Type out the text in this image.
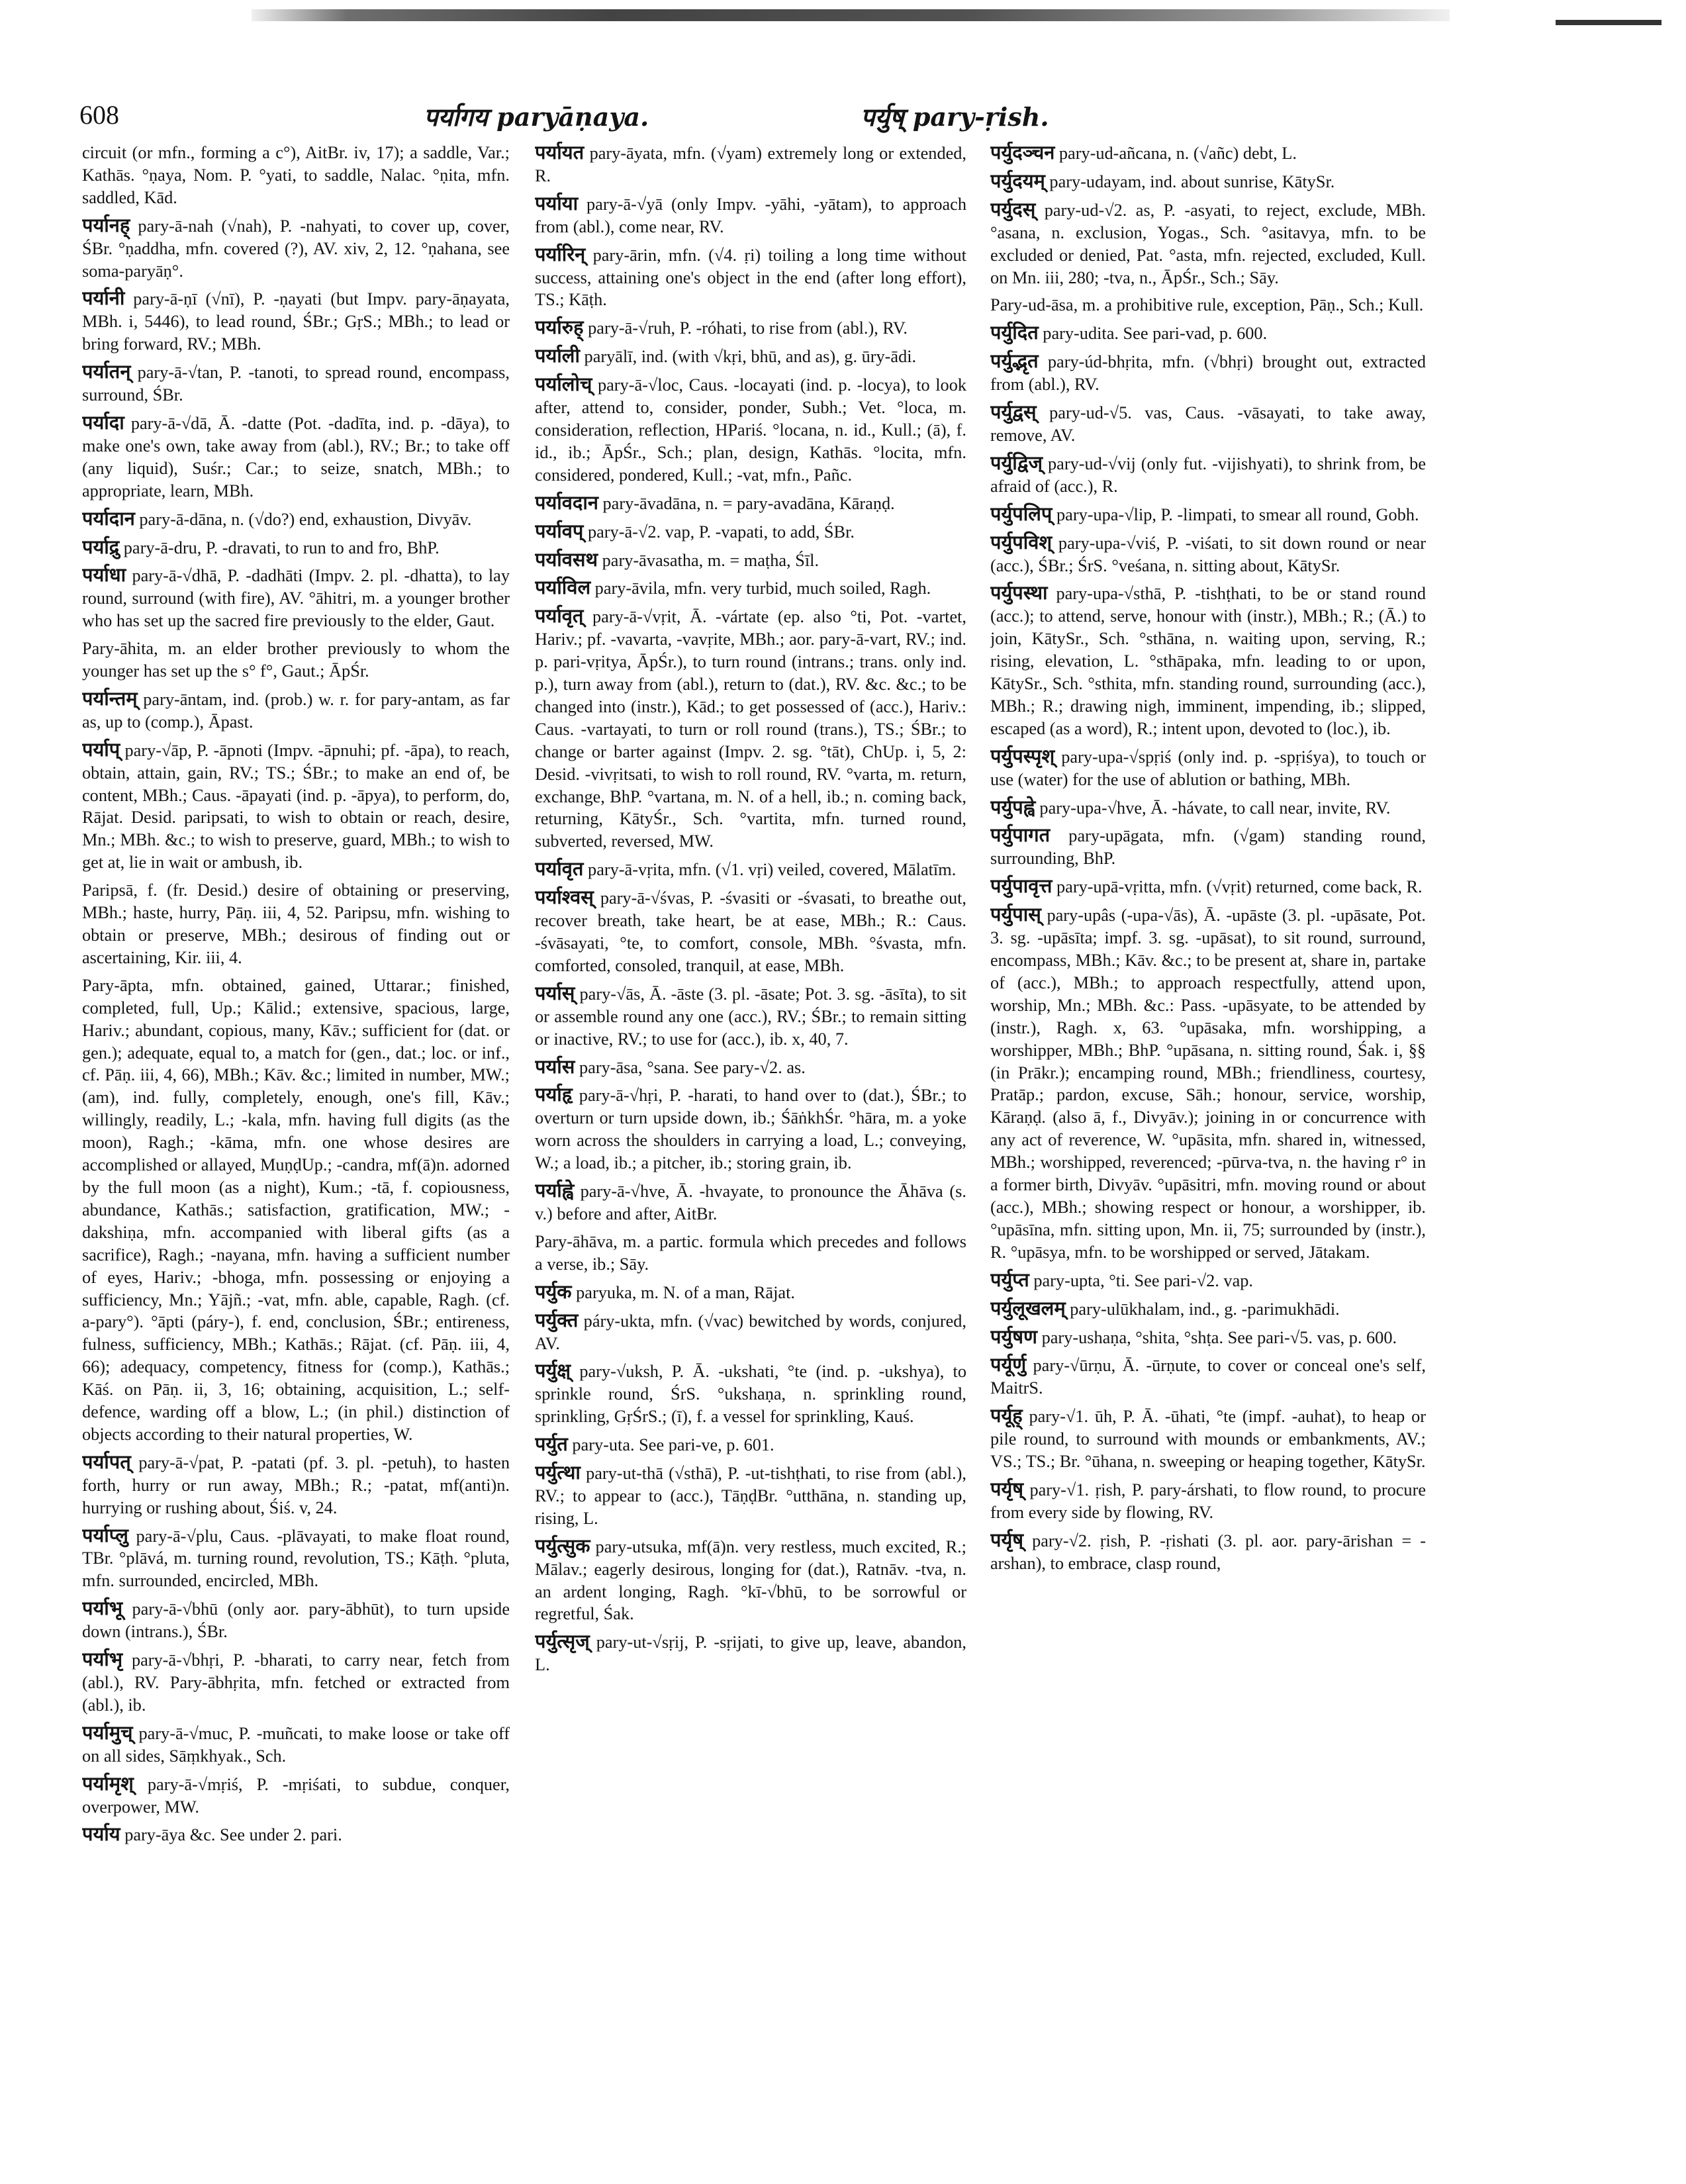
608	पर्यागय paryāṇaya.	पर्युष् pary-ṛish.

circuit (or mfn., forming a c°), AitBr. iv, 17); a saddle, Var.; Kathās. °ṇaya, Nom. P. °yati, to saddle, Nalac. °ṇita, mfn. saddled, Kād.

पर्यानह् pary-ā-nah (√nah), P. -nahyati, to cover up, cover, ŚBr. °ṇaddha, mfn. covered (?), AV. xiv, 2, 12. °ṇahana, see soma-paryāṇ°.

पर्यानी pary-ā-ṇī (√nī), P. -ṇayati (but Impv. pary-āṇayata, MBh. i, 5446), to lead round, ŚBr.; GṛS.; MBh.; to lead or bring forward, RV.; MBh.

पर्यातन् pary-ā-√tan, P. -tanoti, to spread round, encompass, surround, ŚBr.

पर्यादा pary-ā-√dā, Ā. -datte (Pot. -dadīta, ind. p. -dāya), to make one's own, take away from (abl.), RV.; Br.; to take off (any liquid), Suśr.; Car.; to seize, snatch, MBh.; to appropriate, learn, MBh.

पर्यादान pary-ā-dāna, n. (√do?) end, exhaustion, Divyāv.

पर्याद्रु pary-ā-dru, P. -dravati, to run to and fro, BhP.

पर्याधा pary-ā-√dhā, P. -dadhāti (Impv. 2. pl. -dhatta), to lay round, surround (with fire), AV. °āhitri, m. a younger brother who has set up the sacred fire previously to the elder, Gaut.

Pary-āhita, m. an elder brother previously to whom the younger has set up the s° f°, Gaut.; ĀpŚr.

पर्यान्तम् pary-āntam, ind. (prob.) w. r. for pary-antam, as far as, up to (comp.), Āpast.

पर्याप् pary-√āp, P. -āpnoti (Impv. -āpnuhi; pf. -āpa), to reach, obtain, attain, gain, RV.; TS.; ŚBr.; to make an end of, be content, MBh.; Caus. -āpayati (ind. p. -āpya), to perform, do, Rājat. Desid. paripsati, to wish to obtain or reach, desire, Mn.; MBh. &c.; to wish to preserve, guard, MBh.; to wish to get at, lie in wait or ambush, ib.

Paripsā, f. (fr. Desid.) desire of obtaining or preserving, MBh.; haste, hurry, Pāṇ. iii, 4, 52. Paripsu, mfn. wishing to obtain or preserve, MBh.; desirous of finding out or ascertaining, Kir. iii, 4.

Pary-āpta, mfn. obtained, gained, Uttarar.; finished, completed, full, Up.; Kālid.; extensive, spacious, large, Hariv.; abundant, copious, many, Kāv.; sufficient for (dat. or gen.); adequate, equal to, a match for (gen., dat.; loc. or inf., cf. Pāṇ. iii, 4, 66), MBh.; Kāv. &c.; limited in number, MW.; (am), ind. fully, completely, enough, one's fill, Kāv.; willingly, readily, L.; -kala, mfn. having full digits (as the moon), Ragh.; -kāma, mfn. one whose desires are accomplished or allayed, MuṇḍUp.; -candra, mf(ā)n. adorned by the full moon (as a night), Kum.; -tā, f. copiousness, abundance, Kathās.; satisfaction, gratification, MW.; -dakshiṇa, mfn. accompanied with liberal gifts (as a sacrifice), Ragh.; -nayana, mfn. having a sufficient number of eyes, Hariv.; -bhoga, mfn. possessing or enjoying a sufficiency, Mn.; Yājñ.; -vat, mfn. able, capable, Ragh. (cf. a-pary°). °āpti (páry-), f. end, conclusion, ŚBr.; entireness, fulness, sufficiency, MBh.; Kathās.; Rājat. (cf. Pāṇ. iii, 4, 66); adequacy, competency, fitness for (comp.), Kathās.; Kāś. on Pāṇ. ii, 3, 16; obtaining, acquisition, L.; self-defence, warding off a blow, L.; (in phil.) distinction of objects according to their natural properties, W.

पर्यापत् pary-ā-√pat, P. -patati (pf. 3. pl. -petuh), to hasten forth, hurry or run away, MBh.; R.; -patat, mf(anti)n. hurrying or rushing about, Śiś. v, 24.

पर्याप्लु pary-ā-√plu, Caus. -plāvayati, to make float round, TBr. °plāvá, m. turning round, revolution, TS.; Kāṭh. °pluta, mfn. surrounded, encircled, MBh.

पर्याभू pary-ā-√bhū (only aor. pary-ābhūt), to turn upside down (intrans.), ŚBr.

पर्याभृ pary-ā-√bhṛi, P. -bharati, to carry near, fetch from (abl.), RV. Pary-ābhṛita, mfn. fetched or extracted from (abl.), ib.

पर्यामुच् pary-ā-√muc, P. -muñcati, to make loose or take off on all sides, Sāṃkhyak., Sch.

पर्यामृश् pary-ā-√mṛiś, P. -mṛiśati, to subdue, conquer, overpower, MW.

पर्याय pary-āya &c. See under 2. pari.

पर्यायत pary-āyata, mfn. (√yam) extremely long or extended, R.

पर्याया pary-ā-√yā (only Impv. -yāhi, -yātam), to approach from (abl.), come near, RV.

पर्यारिन् pary-ārin, mfn. (√4. ṛi) toiling a long time without success, attaining one's object in the end (after long effort), TS.; Kāṭh.

पर्यारुह् pary-ā-√ruh, P. -róhati, to rise from (abl.), RV.

पर्याली paryālī, ind. (with √kṛi, bhū, and as), g. ūry-ādi.

पर्यालोच् pary-ā-√loc, Caus. -locayati (ind. p. -locya), to look after, attend to, consider, ponder, Subh.; Vet. °loca, m. consideration, reflection, HPariś. °locana, n. id., Kull.; (ā), f. id., ib.; ĀpŚr., Sch.; plan, design, Kathās. °locita, mfn. considered, pondered, Kull.; -vat, mfn., Pañc.

पर्यावदान pary-āvadāna, n. = pary-avadāna, Kāraṇḍ.

पर्यावप् pary-ā-√2. vap, P. -vapati, to add, ŚBr.

पर्यावसथ pary-āvasatha, m. = maṭha, Śīl.

पर्याविल pary-āvila, mfn. very turbid, much soiled, Ragh.

पर्यावृत् pary-ā-√vṛit, Ā. -vártate (ep. also °ti, Pot. -vartet, Hariv.; pf. -vavarta, -vavṛite, MBh.; aor. pary-ā-vart, RV.; ind. p. pari-vṛitya, ĀpŚr.), to turn round (intrans.; trans. only ind. p.), turn away from (abl.), return to (dat.), RV. &c. &c.; to be changed into (instr.), Kād.; to get possessed of (acc.), Hariv.: Caus. -vartayati, to turn or roll round (trans.), TS.; ŚBr.; to change or barter against (Impv. 2. sg. °tāt), ChUp. i, 5, 2: Desid. -vivṛitsati, to wish to roll round, RV. °varta, m. return, exchange, BhP. °vartana, m. N. of a hell, ib.; n. coming back, returning, KātyŚr., Sch. °vartita, mfn. turned round, subverted, reversed, MW.

पर्यावृत pary-ā-vṛita, mfn. (√1. vṛi) veiled, covered, Mālatīm.

पर्याश्वस् pary-ā-√śvas, P. -śvasiti or -śvasati, to breathe out, recover breath, take heart, be at ease, MBh.; R.: Caus. -śvāsayati, °te, to comfort, console, MBh. °śvasta, mfn. comforted, consoled, tranquil, at ease, MBh.

पर्यास् pary-√ās, Ā. -āste (3. pl. -āsate; Pot. 3. sg. -āsīta), to sit or assemble round any one (acc.), RV.; ŚBr.; to remain sitting or inactive, RV.; to use for (acc.), ib. x, 40, 7.

पर्यास pary-āsa, °sana. See pary-√2. as.

पर्याहृ pary-ā-√hṛi, P. -harati, to hand over to (dat.), ŚBr.; to overturn or turn upside down, ib.; ŚāṅkhŚr. °hāra, m. a yoke worn across the shoulders in carrying a load, L.; conveying, W.; a load, ib.; a pitcher, ib.; storing grain, ib.

पर्याह्वे pary-ā-√hve, Ā. -hvayate, to pronounce the Āhāva (s. v.) before and after, AitBr.

Pary-āhāva, m. a partic. formula which precedes and follows a verse, ib.; Sāy.

पर्युक paryuka, m. N. of a man, Rājat.

पर्युक्त páry-ukta, mfn. (√vac) bewitched by words, conjured, AV.

पर्युक्ष् pary-√uksh, P. Ā. -ukshati, °te (ind. p. -ukshya), to sprinkle round, ŚrS. °ukshaṇa, n. sprinkling round, sprinkling, GṛŚrS.; (ī), f. a vessel for sprinkling, Kauś.

पर्युत pary-uta. See pari-ve, p. 601.

पर्युत्था pary-ut-thā (√sthā), P. -ut-tishṭhati, to rise from (abl.), RV.; to appear to (acc.), TāṇḍBr. °utthāna, n. standing up, rising, L.

पर्युत्सुक pary-utsuka, mf(ā)n. very restless, much excited, R.; Mālav.; eagerly desirous, longing for (dat.), Ratnāv. -tva, n. an ardent longing, Ragh. °kī-√bhū, to be sorrowful or regretful, Śak.

पर्युत्सृज् pary-ut-√sṛij, P. -sṛijati, to give up, leave, abandon, L.

पर्युदञ्चन pary-ud-añcana, n. (√añc) debt, L.

पर्युदयम् pary-udayam, ind. about sunrise, KātySr.

पर्युदस् pary-ud-√2. as, P. -asyati, to reject, exclude, MBh. °asana, n. exclusion, Yogas., Sch. °asitavya, mfn. to be excluded or denied, Pat. °asta, mfn. rejected, excluded, Kull. on Mn. iii, 280; -tva, n., ĀpŚr., Sch.; Sāy.

Pary-ud-āsa, m. a prohibitive rule, exception, Pāṇ., Sch.; Kull.

पर्युदित pary-udita. See pari-vad, p. 600.

पर्युद्भृत pary-úd-bhṛita, mfn. (√bhṛi) brought out, extracted from (abl.), RV.

पर्युद्वस् pary-ud-√5. vas, Caus. -vāsayati, to take away, remove, AV.

पर्युद्विज् pary-ud-√vij (only fut. -vijishyati), to shrink from, be afraid of (acc.), R.

पर्युपलिप् pary-upa-√lip, P. -limpati, to smear all round, Gobh.

पर्युपविश् pary-upa-√viś, P. -viśati, to sit down round or near (acc.), ŚBr.; ŚrS. °veśana, n. sitting about, KātySr.

पर्युपस्था pary-upa-√sthā, P. -tishṭhati, to be or stand round (acc.); to attend, serve, honour with (instr.), MBh.; R.; (Ā.) to join, KātySr., Sch. °sthāna, n. waiting upon, serving, R.; rising, elevation, L. °sthāpaka, mfn. leading to or upon, KātySr., Sch. °sthita, mfn. standing round, surrounding (acc.), MBh.; R.; drawing nigh, imminent, impending, ib.; slipped, escaped (as a word), R.; intent upon, devoted to (loc.), ib.

पर्युपस्पृश् pary-upa-√spṛiś (only ind. p. -spṛiśya), to touch or use (water) for the use of ablution or bathing, MBh.

पर्युपह्वे pary-upa-√hve, Ā. -hávate, to call near, invite, RV.

पर्युपागत pary-upāgata, mfn. (√gam) standing round, surrounding, BhP.

पर्युपावृत्त pary-upā-vṛitta, mfn. (√vṛit) returned, come back, R.

पर्युपास् pary-upâs (-upa-√ās), Ā. -upāste (3. pl. -upāsate, Pot. 3. sg. -upāsīta; impf. 3. sg. -upāsat), to sit round, surround, encompass, MBh.; Kāv. &c.; to be present at, share in, partake of (acc.), MBh.; to approach respectfully, attend upon, worship, Mn.; MBh. &c.: Pass. -upāsyate, to be attended by (instr.), Ragh. x, 63. °upāsaka, mfn. worshipping, a worshipper, MBh.; BhP. °upāsana, n. sitting round, Śak. i, §§ (in Prākr.); encamping round, MBh.; friendliness, courtesy, Pratāp.; pardon, excuse, Sāh.; honour, service, worship, Kāraṇḍ. (also ā, f., Divyāv.); joining in or concurrence with any act of reverence, W. °upāsita, mfn. shared in, witnessed, MBh.; worshipped, reverenced; -pūrva-tva, n. the having r° in a former birth, Divyāv. °upāsitri, mfn. moving round or about (acc.), MBh.; showing respect or honour, a worshipper, ib. °upāsīna, mfn. sitting upon, Mn. ii, 75; surrounded by (instr.), R. °upāsya, mfn. to be worshipped or served, Jātakam.

पर्युप्त pary-upta, °ti. See pari-√2. vap.

पर्युलूखलम् pary-ulūkhalam, ind., g. -parimukhādi.

पर्युषण pary-ushaṇa, °shita, °shṭa. See pari-√5. vas, p. 600.

पर्यूर्णु pary-√ūrṇu, Ā. -ūrṇute, to cover or conceal one's self, MaitrS.

पर्यूह् pary-√1. ūh, P. Ā. -ūhati, °te (impf. -auhat), to heap or pile round, to surround with mounds or embankments, AV.; VS.; TS.; Br. °ūhana, n. sweeping or heaping together, KātySr.

पर्यृष् pary-√1. ṛish, P. pary-árshati, to flow round, to procure from every side by flowing, RV.

पर्यृष् pary-√2. ṛish, P. -ṛishati (3. pl. aor. pary-ārishan = -arshan), to embrace, clasp round,
